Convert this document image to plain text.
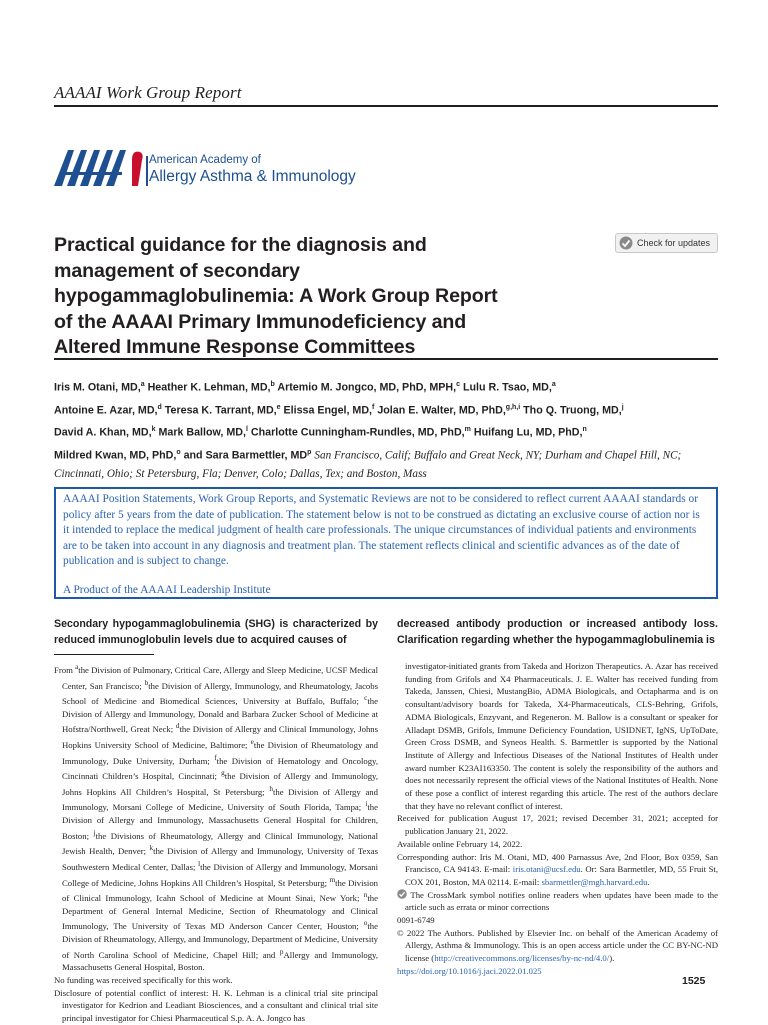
AAAAI Work Group Report
American Academy of
Allergy Asthma & Immunology
Practical guidance for the diagnosis and
management of secondary
hypogammaglobulinemia: A Work Group Report
of the AAAAI Primary Immunodeficiency and
Altered Immune Response Committees
Check for updates
Iris M. Otani, MD,$^a$ Heather K. Lehman, MD,$^b$ Artemio M. Jongco, MD, PhD, MPH,$^c$ Lulu R. Tsao, MD,$^a$
Antoine E. Azar, MD,$^d$ Teresa K. Tarrant, MD,$^e$ Elissa Engel, MD,$^f$ Jolan E. Walter, MD, PhD,$^{g,h,i}$ Tho Q. Truong, MD,$^j$
David A. Khan, MD,$^k$ Mark Ballow, MD,$^l$ Charlotte Cunningham-Rundles, MD, PhD,$^m$ Huifang Lu, MD, PhD,$^n$
Mildred Kwan, MD, PhD,$^o$ and Sara Barmettler, $MD^p$ San Francisco, Calif; Buffalo and Great Neck, NY; Durham and Chapel Hill, NC; Cincinnati, Ohio; St Petersburg, Fla; Denver, Colo; Dallas, Tex; and Boston, Mass

AAAAI Position Statements, Work Group Reports, and Systematic Reviews are not to be considered to reflect current AAAAI standards or policy after 5 years from the date of publication. The statement below is not to be construed as dictating an exclusive course of action nor is it intended to replace the medical judgment of health care professionals. The unique circumstances of individual patients and environments are to be taken into account in any diagnosis and treatment plan. The statement reflects clinical and scientific advances as of the date of publication and is subject to change.

A Product of the AAAAI Leadership Institute

Secondary hypogammaglobulinemia (SHG) is characterized by reduced immunoglobulin levels due to acquired causes of
decreased antibody production or increased antibody loss. Clarification regarding whether the hypogammaglobulinemia is

From $^a$the Division of Pulmonary, Critical Care, Allergy and Sleep Medicine, UCSF Medical Center, San Francisco; $^b$the Division of Allergy, Immunology, and Rheumatology, Jacobs School of Medicine and Biomedical Sciences, University at Buffalo, Buffalo; $^c$the Division of Allergy and Immunology, Donald and Barbara Zucker School of Medicine at Hofstra/Northwell, Great Neck; $^d$the Division of Allergy and Clinical Immunology, Johns Hopkins University School of Medicine, Baltimore; $^e$the Division of Rheumatology and Immunology, Duke University, Durham; $^f$the Division of Hematology and Oncology, Cincinnati Children’s Hospital, Cincinnati; $^g$the Division of Allergy and Immunology, Johns Hopkins All Children’s Hospital, St Petersburg; $^h$the Division of Allergy and Immunology, Morsani College of Medicine, University of South Florida, Tampa; $^i$the Division of Allergy and Immunology, Massachusetts General Hospital for Children, Boston; $^j$the Divisions of Rheumatology, Allergy and Clinical Immunology, National Jewish Health, Denver; $^k$the Division of Allergy and Immunology, University of Texas Southwestern Medical Center, Dallas; $^l$the Division of Allergy and Immunology, Morsani College of Medicine, Johns Hopkins All Children’s Hospital, St Petersburg; $^m$the Division of Clinical Immunology, Icahn School of Medicine at Mount Sinai, New York; $^n$the Department of General Internal Medicine, Section of Rheumatology and Clinical Immunology, The University of Texas MD Anderson Cancer Center, Houston; $^o$the Division of Rheumatology, Allergy, and Immunology, Department of Medicine, University of North Carolina School of Medicine, Chapel Hill; and $^p$Allergy and Immunology, Massachusetts General Hospital, Boston.

No funding was received specifically for this work.

Disclosure of potential conflict of interest: H. K. Lehman is a clinical trial site principal investigator for Kedrion and Leadiant Biosciences, and a consultant and clinical trial site principal investigator for Chiesi Pharmaceutical S.p. A. A. Jongco has

investigator-initiated grants from Takeda and Horizon Therapeutics. A. Azar has received funding from Grifols and X4 Pharmaceuticals. J. E. Walter has received funding from Takeda, Janssen, Chiesi, MustangBio, ADMA Biologicals, and Octapharma and is on consultant/advisory boards for Takeda, X4-Pharmaceuticals, CLS-Behring, Grifols, ADMA Biologicals, Enzyvant, and Regeneron. M. Ballow is a consultant or speaker for Alladapt DSMB, Grifols, Immune Deficiency Foundation, USIDNET, IgNS, UpToDate, Green Cross DSMB, and Syneos Health. S. Barmettler is supported by the National Institute of Allergy and Infectious Diseases of the National Institutes of Health under award number K23AI163350. The content is solely the responsibility of the authors and does not necessarily represent the official views of the National Institutes of Health. None of these pose a conflict of interest regarding this article. The rest of the authors declare that they have no relevant conflict of interest.

Received for publication August 17, 2021; revised December 31, 2021; accepted for publication January 21, 2022.

Available online February 14, 2022.

Corresponding author: Iris M. Otani, MD, 400 Parnassus Ave, 2nd Floor, Box 0359, San Francisco, CA 94143. E-mail: iris.otani@ucsf.edu. Or: Sara Barmettler, MD, 55 Fruit St, COX 201, Boston, MA 02114. E-mail: sbarmettler@mgh.harvard.edu.

The CrossMark symbol notifies online readers when updates have been made to the article such as errata or minor corrections

0091-6749

© 2022 The Authors. Published by Elsevier Inc. on behalf of the American Academy of Allergy, Asthma & Immunology. This is an open access article under the CC BY-NC-ND license (http://creativecommons.org/licenses/by-nc-nd/4.0/).

https://doi.org/10.1016/j.jaci.2022.01.025

1525
